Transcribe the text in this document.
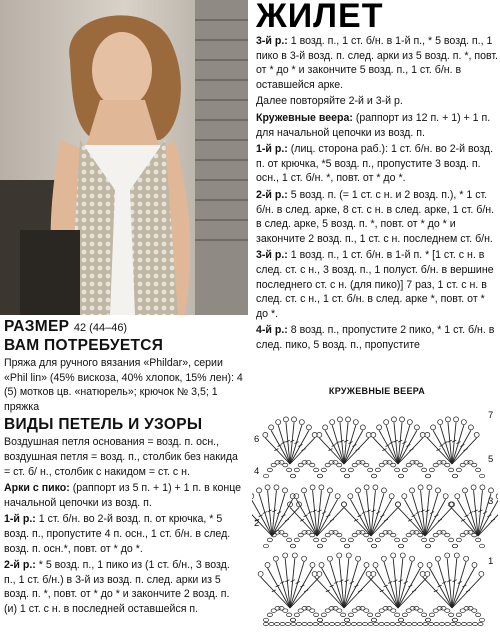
ЖИЛЕТ

3-й р.: 1 возд. п., 1 ст. б/н. в 1-й п., * 5 возд. п., 1 пико в 3-й возд. п. след. арки из 5 возд. п. *, повт. от * до * и закончите 5 возд. п., 1 ст. б/н. в оставшейся арке.

Далее повторяйте 2-й и 3-й р.

Кружевные веера: (раппорт из 12 п. + 1) + 1 п. для начальной цепочки из возд. п.

1-й р.: (лиц. сторона раб.): 1 ст. б/н. во 2-й возд. п. от крючка, *5 возд. п., пропустите 3 возд. п. осн., 1 ст. б/н. *, повт. от * до *.

2-й р.: 5 возд. п. (= 1 ст. с н. и 2 возд. п.), * 1 ст. б/н. в след. арке, 8 ст. с н. в след. арке, 1 ст. б/н. в след. арке, 5 возд. п. *, повт. от * до * и закончите 2 возд. п., 1 ст. с н. последнем ст. б/н.

3-й р.: 1 возд. п., 1 ст. б/н. в 1-й п. * [1 ст. с н. в след. ст. с н., 3 возд. п., 1 полуст. б/н. в вершине последнего ст. с н. (для пико)] 7 раз, 1 ст. с н. в след. ст. с н., 1 ст. б/н. в след. арке *, повт. от * до *.

4-й р.: 8 возд. п., пропустите 2 пико, * 1 ст. б/н. в след. пико, 5 возд. п., пропустите

РАЗМЕР 42 (44–46)
ВАМ ПОТРЕБУЕТСЯ

Пряжа для ручного вязания «Phildar», серии «Phil lin» (45% вискоза, 40% хлопок, 15% лен): 4 (5) мотков цв. «натюрель»; крючок № 3,5; 1 пряжка

ВИДЫ ПЕТЕЛЬ И УЗОРЫ

Воздушная петля основания = возд. п. осн., воздушная петля = возд. п., столбик без накида = ст. б/ н., столбик с накидом = ст. с н.

Арки с пико: (раппорт из 5 п. + 1) + 1 п. в конце начальной цепочки из возд. п.

1-й р.: 1 ст. б/н. во 2-й возд. п. от крючка, * 5 возд. п., пропустите 4 п. осн., 1 ст. б/н. в след. возд. п. осн.*, повт. от * до *.

2-й р.: * 5 возд. п., 1 пико из (1 ст. б/н., 3 возд. п., 1 ст. б/н.) в 3-й из возд. п. след. арки из 5 возд. п. *, повт. от * до * и закончите 2 возд. п. (и) 1 ст. с н. в последней оставшейся п.

КРУЖЕВНЫЕ ВЕЕРА
7
6
5
4
3
2
1
